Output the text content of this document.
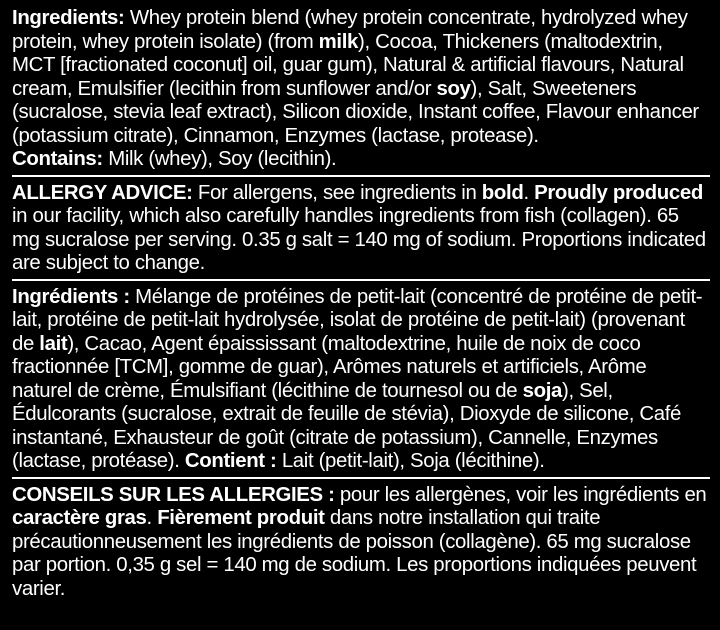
Ingredients: Whey protein blend (whey protein concentrate, hydrolyzed whey protein, whey protein isolate) (from milk), Cocoa, Thickeners (maltodextrin, MCT [fractionated coconut] oil, guar gum), Natural & artificial flavours, Natural cream, Emulsifier (lecithin from sunflower and/or soy), Salt, Sweeteners (sucralose, stevia leaf extract), Silicon dioxide, Instant coffee, Flavour enhancer (potassium citrate), Cinnamon, Enzymes (lactase, protease).

Contains: Milk (whey), Soy (lecithin).

ALLERGY ADVICE: For allergens, see ingredients in bold. Proudly produced in our facility, which also carefully handles ingredients from fish (collagen). 65 mg sucralose per serving. 0.35 g salt = 140 mg of sodium. Proportions indicated are subject to change.

Ingrédients : Mélange de protéines de petit-lait (concentré de protéine de petit-lait, protéine de petit-lait hydrolysée, isolat de protéine de petit-lait) (provenant de lait), Cacao, Agent épaississant (maltodextrine, huile de noix de coco fractionnée [TCM], gomme de guar), Arômes naturels et artificiels, Arôme naturel de crème, Émulsifiant (lécithine de tournesol ou de soja), Sel, Édulcorants (sucralose, extrait de feuille de stévia), Dioxyde de silicone, Café instantané, Exhausteur de goût (citrate de potassium), Cannelle, Enzymes (lactase, protéase). Contient : Lait (petit-lait), Soja (lécithine).

CONSEILS SUR LES ALLERGIES : pour les allergènes, voir les ingrédients en caractère gras. Fièrement produit dans notre installation qui traite précautionneusement les ingrédients de poisson (collagène). 65 mg sucralose par portion. 0,35 g sel = 140 mg de sodium. Les proportions indiquées peuvent varier.
